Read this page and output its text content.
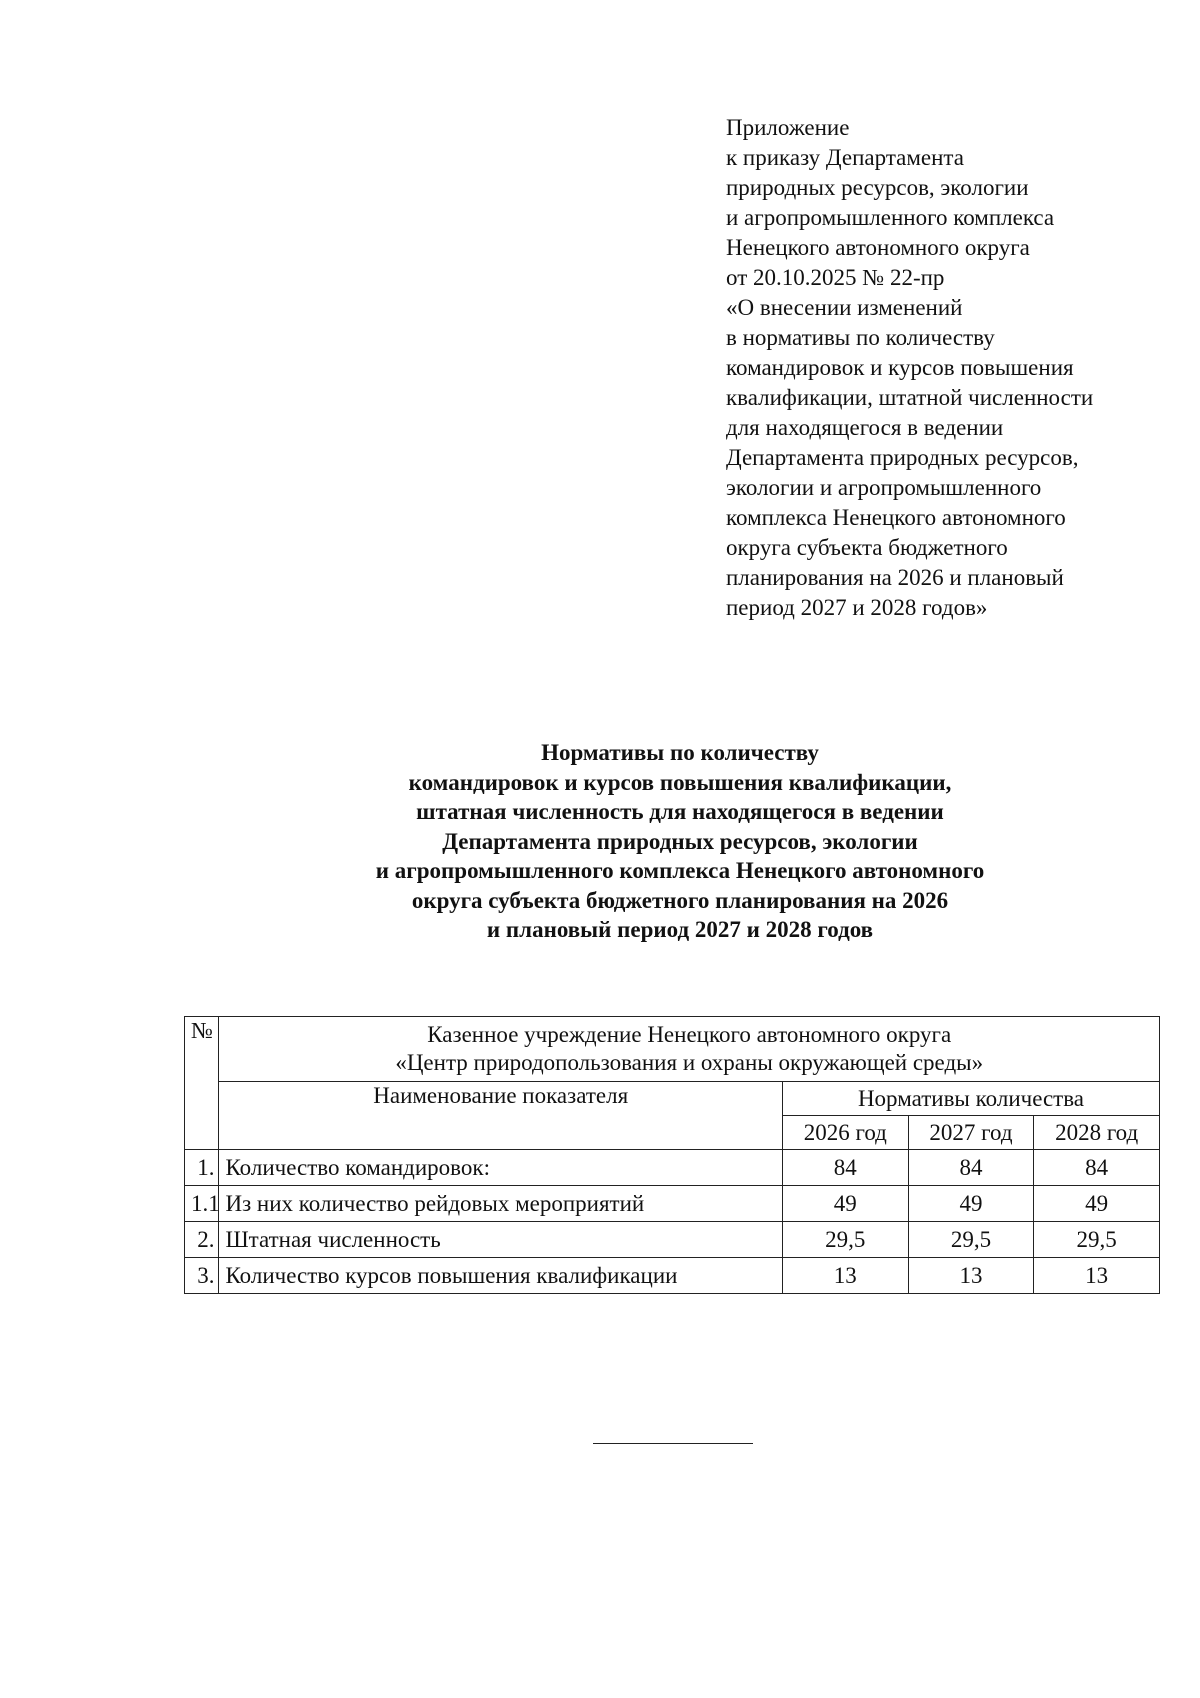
Приложение
к приказу Департамента
природных ресурсов, экологии
и агропромышленного комплекса
Ненецкого автономного округа
от 20.10.2025 № 22-пр
«О внесении изменений
в нормативы по количеству
командировок и курсов повышения
квалификации, штатной численности
для находящегося в ведении
Департамента природных ресурсов,
экологии и агропромышленного
комплекса Ненецкого автономного
округа субъекта бюджетного
планирования на 2026 и плановый
период 2027 и 2028 годов»
Нормативы по количеству
командировок и курсов повышения квалификации,
штатная численность для находящегося в ведении
Департамента природных ресурсов, экологии
и агропромышленного комплекса Ненецкого автономного
округа субъекта бюджетного планирования на 2026
и плановый период 2027 и 2028 годов
№	Казенное учреждение Ненецкого автономного округа
«Центр природопользования и охраны окружающей среды»			

	Наименование показателя	Нормативы количества		
		2026 год	2027 год	2028 год
1.	Количество командировок:	84	84	84
1.1	Из них количество рейдовых мероприятий	49	49	49
2.	Штатная численность	29,5	29,5	29,5
3.	Количество курсов повышения квалификации	13	13	13
